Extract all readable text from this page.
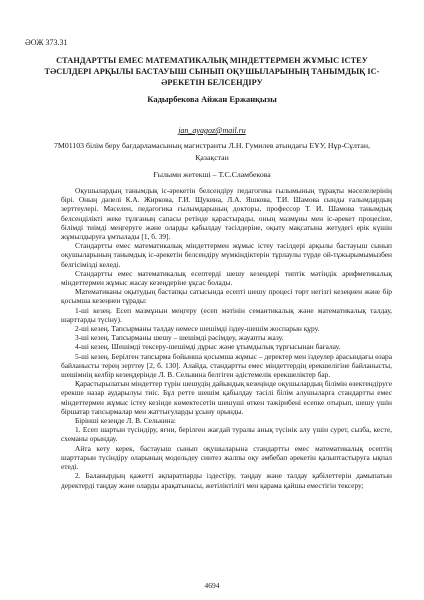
ӘОЖ 373.31
СТАНДАРТТЫ ЕМЕС МАТЕМАТИКАЛЫҚ МІНДЕТТЕРМЕН ЖҰМЫС ІСТЕУ ТӘСІЛДЕРІ АРҚЫЛЫ БАСТАУЫШ СЫНЫП ОҚУШЫЛАРЫНЫҢ ТАНЫМДЫҚ ІС-ӘРЕКЕТІН БЕЛСЕНДІРУ
Кадырбекова Айжан Ержанқызы
jan_ayagoz@mail.ru
7M01103 білім беру бағдарламасының магистранты Л.Н. Гумилев атындағы ЕҰУ, Нұр-Сұлтан, Қазақстан
Ғылыми жетекші – Т.С.Сламбекова

Оқушылардың танымдық іс-әрекетін белсендіру педагогика ғылымының тұрақты мәселелерінің бірі. Оның дәлелі К.А. Жиркова, Г.И. Щукина, Л.А. Яшкова, Т.И. Шамова сынды ғалымдардың зерттеулері. Мәселен, педагогика ғылымдарының докторы, профессор Т. И. Шамова танымдық белсенділікті жеке тұлғаның сапасы ретінде қарастырады, оның мазмұны мен іс-әрекет процесіне, білімді тиімді меңгеруге және оларды қабылдау тәсілдеріне, оқыту мақсатына жетудегі ерік күшін жұмылдыруға ұмтылады [1, б. 39].

Стандартты емес математикалық міндеттермен жұмыс істеу тәсілдері арқылы бастауыш сынып оқушыларының танымдық іс-әрекетін белсендіру мүмкіндіктерін тұрлаулы түрде ой-тұжырымымызбен белгісімізді келеді.

Стандартты емес математикалық есептерді шешу кезеңдері типтік мәтіндік арифметикалық міндеттермен жұмыс жасау кезеңдеріне ұқсас болады.

Математиканы оқытудың бастапқы сатысында есепті шешу процесі төрт негізгі кезеңнен және бір қосымша кезеңнен тұрады:

1-ші кезең. Есеп мазмұнын меңгеру (есеп мәтінін семантикалық және математикалық талдау, шарттарды түсіну).

2-ші кезең. Тапсырманы талдау немесе шешімді іздеу-шешім жоспарын құру.

3-ші кезең. Тапсырманы шешу – шешімді рәсімдеу, жауапты жазу.

4-ші кезең. Шешімді тексеру-шешімді дұрыс және ұтымдылық тұрғысынан бағалау.

5-ші кезең. Берілген тапсырма бойынша қосымша жұмыс – деректер мен іздеулер арасындағы өзара байланысты терең зерттеу [2, б. 130]. Алайда, стандартты емес міндеттердің ерекшелігіне байланысты, шешімнің келбір кезеңдерінде Л. В. Сельвина белгіген әдістемелік ерекшеліктер бар.

Қарастырылатын міндеттер түрін шешудің дайындық кезеңінде оқушылардың білімін өзектендіруге ерекше назар аударылуы тиіс. Бұл ретте шешім қабылдау тәсілі білім алушыларға стандартты емес міндеттермен жұмыс істеу кезінде көмектесетін шешуші өткен тәжірибені есепке отырып, шешу үшін біршатар тапсырмалар мен жаттығуларды ұсыну орынды.

Бірінші кезеңде Л. В. Селькина:

1. Есеп шартын түсіндіру, яғни, берілген жағдай туралы анық түсінік алу үшін сурет, сызба, кесте, схеманы орындау.

Айта кету керек, бастауыш сынып оқушыларына стандартты емес математикалық есептің шарттарын түсіндіру оларының модельдеу синтез жалпы оқу әмбебап әрекетін қалыптастыруға ықпал етеді.

2. Баланырдың қажетті ақпаратпарды іздестіру, таңдау және талдау қабілеттерін дамыпатын деректерді таңдау және оларды арақатынасы, жетіліктілігі мен қарама қайшы еместігін тексеру;

4694
